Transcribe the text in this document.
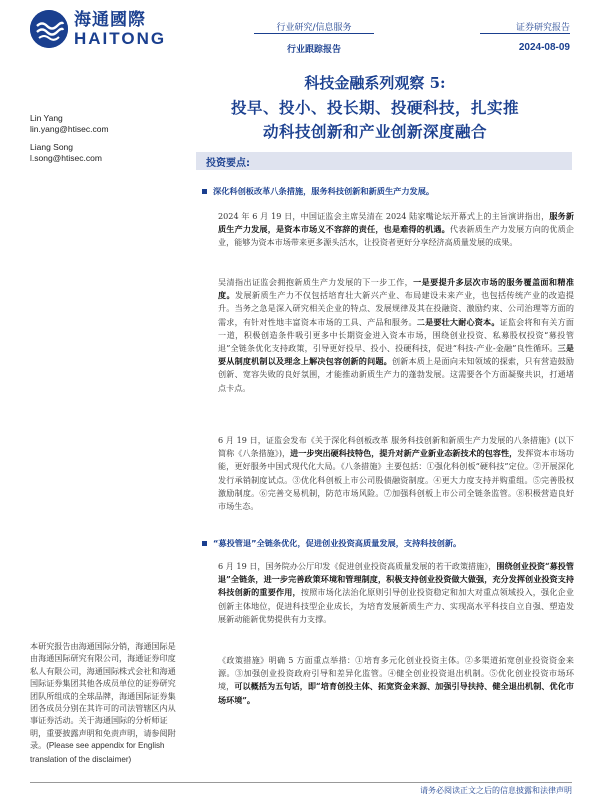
海通國際
HAITONG
行业研究/信息服务
行业跟踪报告
证券研究报告
2024-08-09
科技金融系列观察 5:
投早、投小、投长期、投硬科技，扎实推
动科技创新和产业创新深度融合
Lin Yang
lin.yang@htisec.com
Liang Song
l.song@htisec.com	投资要点:
深化科创板改革八条措施，服务科技创新和新质生产力发展。
2024 年 6 月 19 日，中国证监会主席吴清在 2024 陆家嘴论坛开幕式上的主旨演讲指出，服务新质生产力发展，是资本市场义不容辞的责任，也是难得的机遇。代表新质生产力发展方向的优质企业，能够为资本市场带来更多源头活水，让投资者更好分享经济高质量发展的成果。
吴清指出证监会拥抱新质生产力发展的下一步工作，一是要提升多层次市场的服务覆盖面和精准度。发展新质生产力不仅包括培育壮大新兴产业、布局建设未来产业，也包括传统产业的改造提升。当务之急是深入研究相关企业的特点、发展规律及其在投融资、激励约束、公司治理等方面的需求，有针对性地丰富资本市场的工具、产品和服务。二是要壮大耐心资本。证监会将和有关方面一道，积极创造条件吸引更多中长期资金进入资本市场，围绕创业投资、私募股权投资“募投管退”全链条优化支持政策，引导更好投早、投小、投硬科技，促进“科技-产业-金融”良性循环。三是要从制度机制以及理念上解决包容创新的问题。创新本质上是面向未知领域的探索，只有营造鼓励创新、宽容失败的良好氛围，才能推动新质生产力的蓬勃发展。这需要各个方面凝聚共识，打通堵点卡点。
6 月 19 日，证监会发布《关于深化科创板改革 服务科技创新和新质生产力发展的八条措施》(以下简称《八条措施》)，进一步突出硬科技特色，提升对新产业新业态新技术的包容性，发挥资本市场功能，更好服务中国式现代化大局。《八条措施》主要包括：①强化科创板“硬科技”定位。②开展深化发行承销制度试点。③优化科创板上市公司股债融资制度。④更大力度支持并购重组。⑤完善股权激励制度。⑥完善交易机制，防范市场风险。⑦加强科创板上市公司全链条监管。⑧积极营造良好市场生态。
“募投管退”全链条优化，促进创业投资高质量发展，支持科技创新。
6 月 19 日，国务院办公厅印发《促进创业投资高质量发展的若干政策措施》，围绕创业投资“募投管退”全链条，进一步完善政策环境和管理制度，积极支持创业投资做大做强，充分发挥创业投资支持科技创新的重要作用，按照市场化法治化原则引导创业投资稳定和加大对重点领域投入，强化企业创新主体地位，促进科技型企业成长，为培育发展新质生产力、实现高水平科技自立自强、塑造发展新动能新优势提供有力支撑。
《政策措施》明确 5 方面重点举措：①培育多元化创业投资主体。②多渠道拓宽创业投资资金来源。③加强创业投资政府引导和差异化监管。④健全创业投资退出机制。⑤优化创业投资市场环境，可以概括为五句话，即“培育创投主体、拓宽资金来源、加强引导扶持、健全退出机制、优化市场环境”。
本研究报告由海通国际分销，海通国际是由海通国际研究有限公司，海通证券印度私人有限公司，海通国际株式会社和海通国际证券集团其他各成员单位的证券研究团队所组成的全球品牌，海通国际证券集团各成员分别在其许可的司法管辖区内从事证券活动。关于海通国际的分析师证明，重要披露声明和免责声明，请参阅附录。(Please see appendix for English translation of the disclaimer)
请务必阅读正文之后的信息披露和法律声明
